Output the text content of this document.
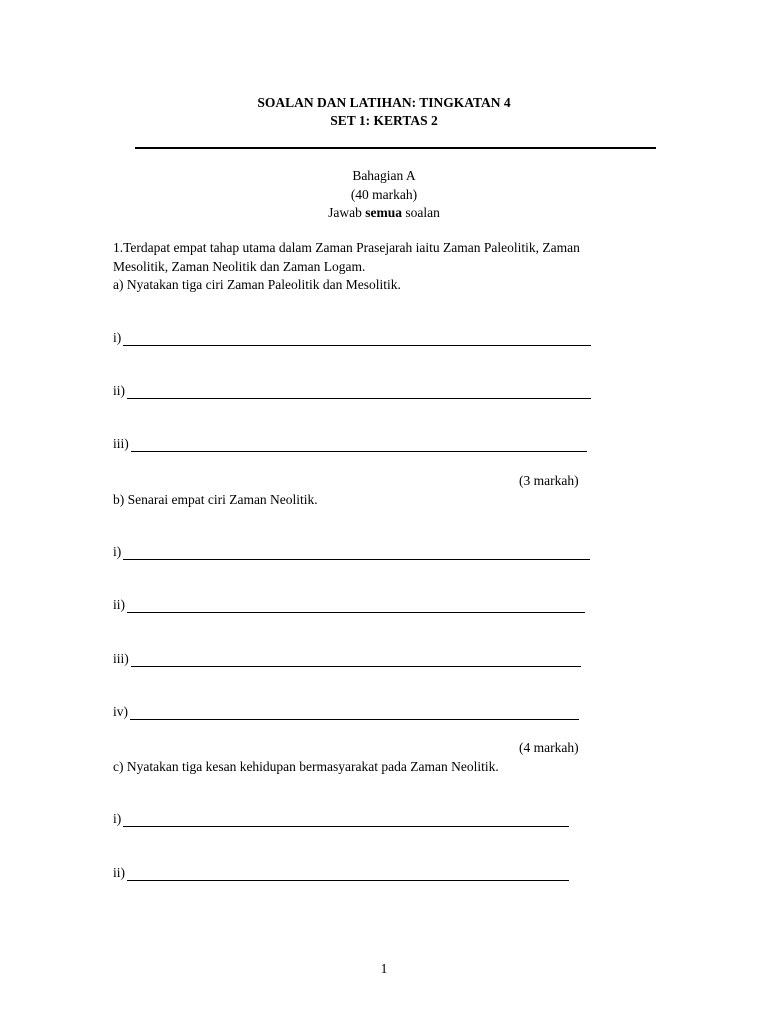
SOALAN DAN LATIHAN: TINGKATAN 4
SET 1: KERTAS 2
Bahagian A
(40 markah)
Jawab semua soalan
1.Terdapat empat tahap utama dalam Zaman Prasejarah iaitu Zaman Paleolitik, Zaman
Mesolitik, Zaman Neolitik dan Zaman Logam.
a) Nyatakan tiga ciri Zaman Paleolitik dan Mesolitik.
i)
ii)
iii)
(3 markah)
b) Senarai empat ciri Zaman Neolitik.
i)
ii)
iii)
iv)
(4 markah)
c) Nyatakan tiga kesan kehidupan bermasyarakat pada Zaman Neolitik.
i)
ii)
1
